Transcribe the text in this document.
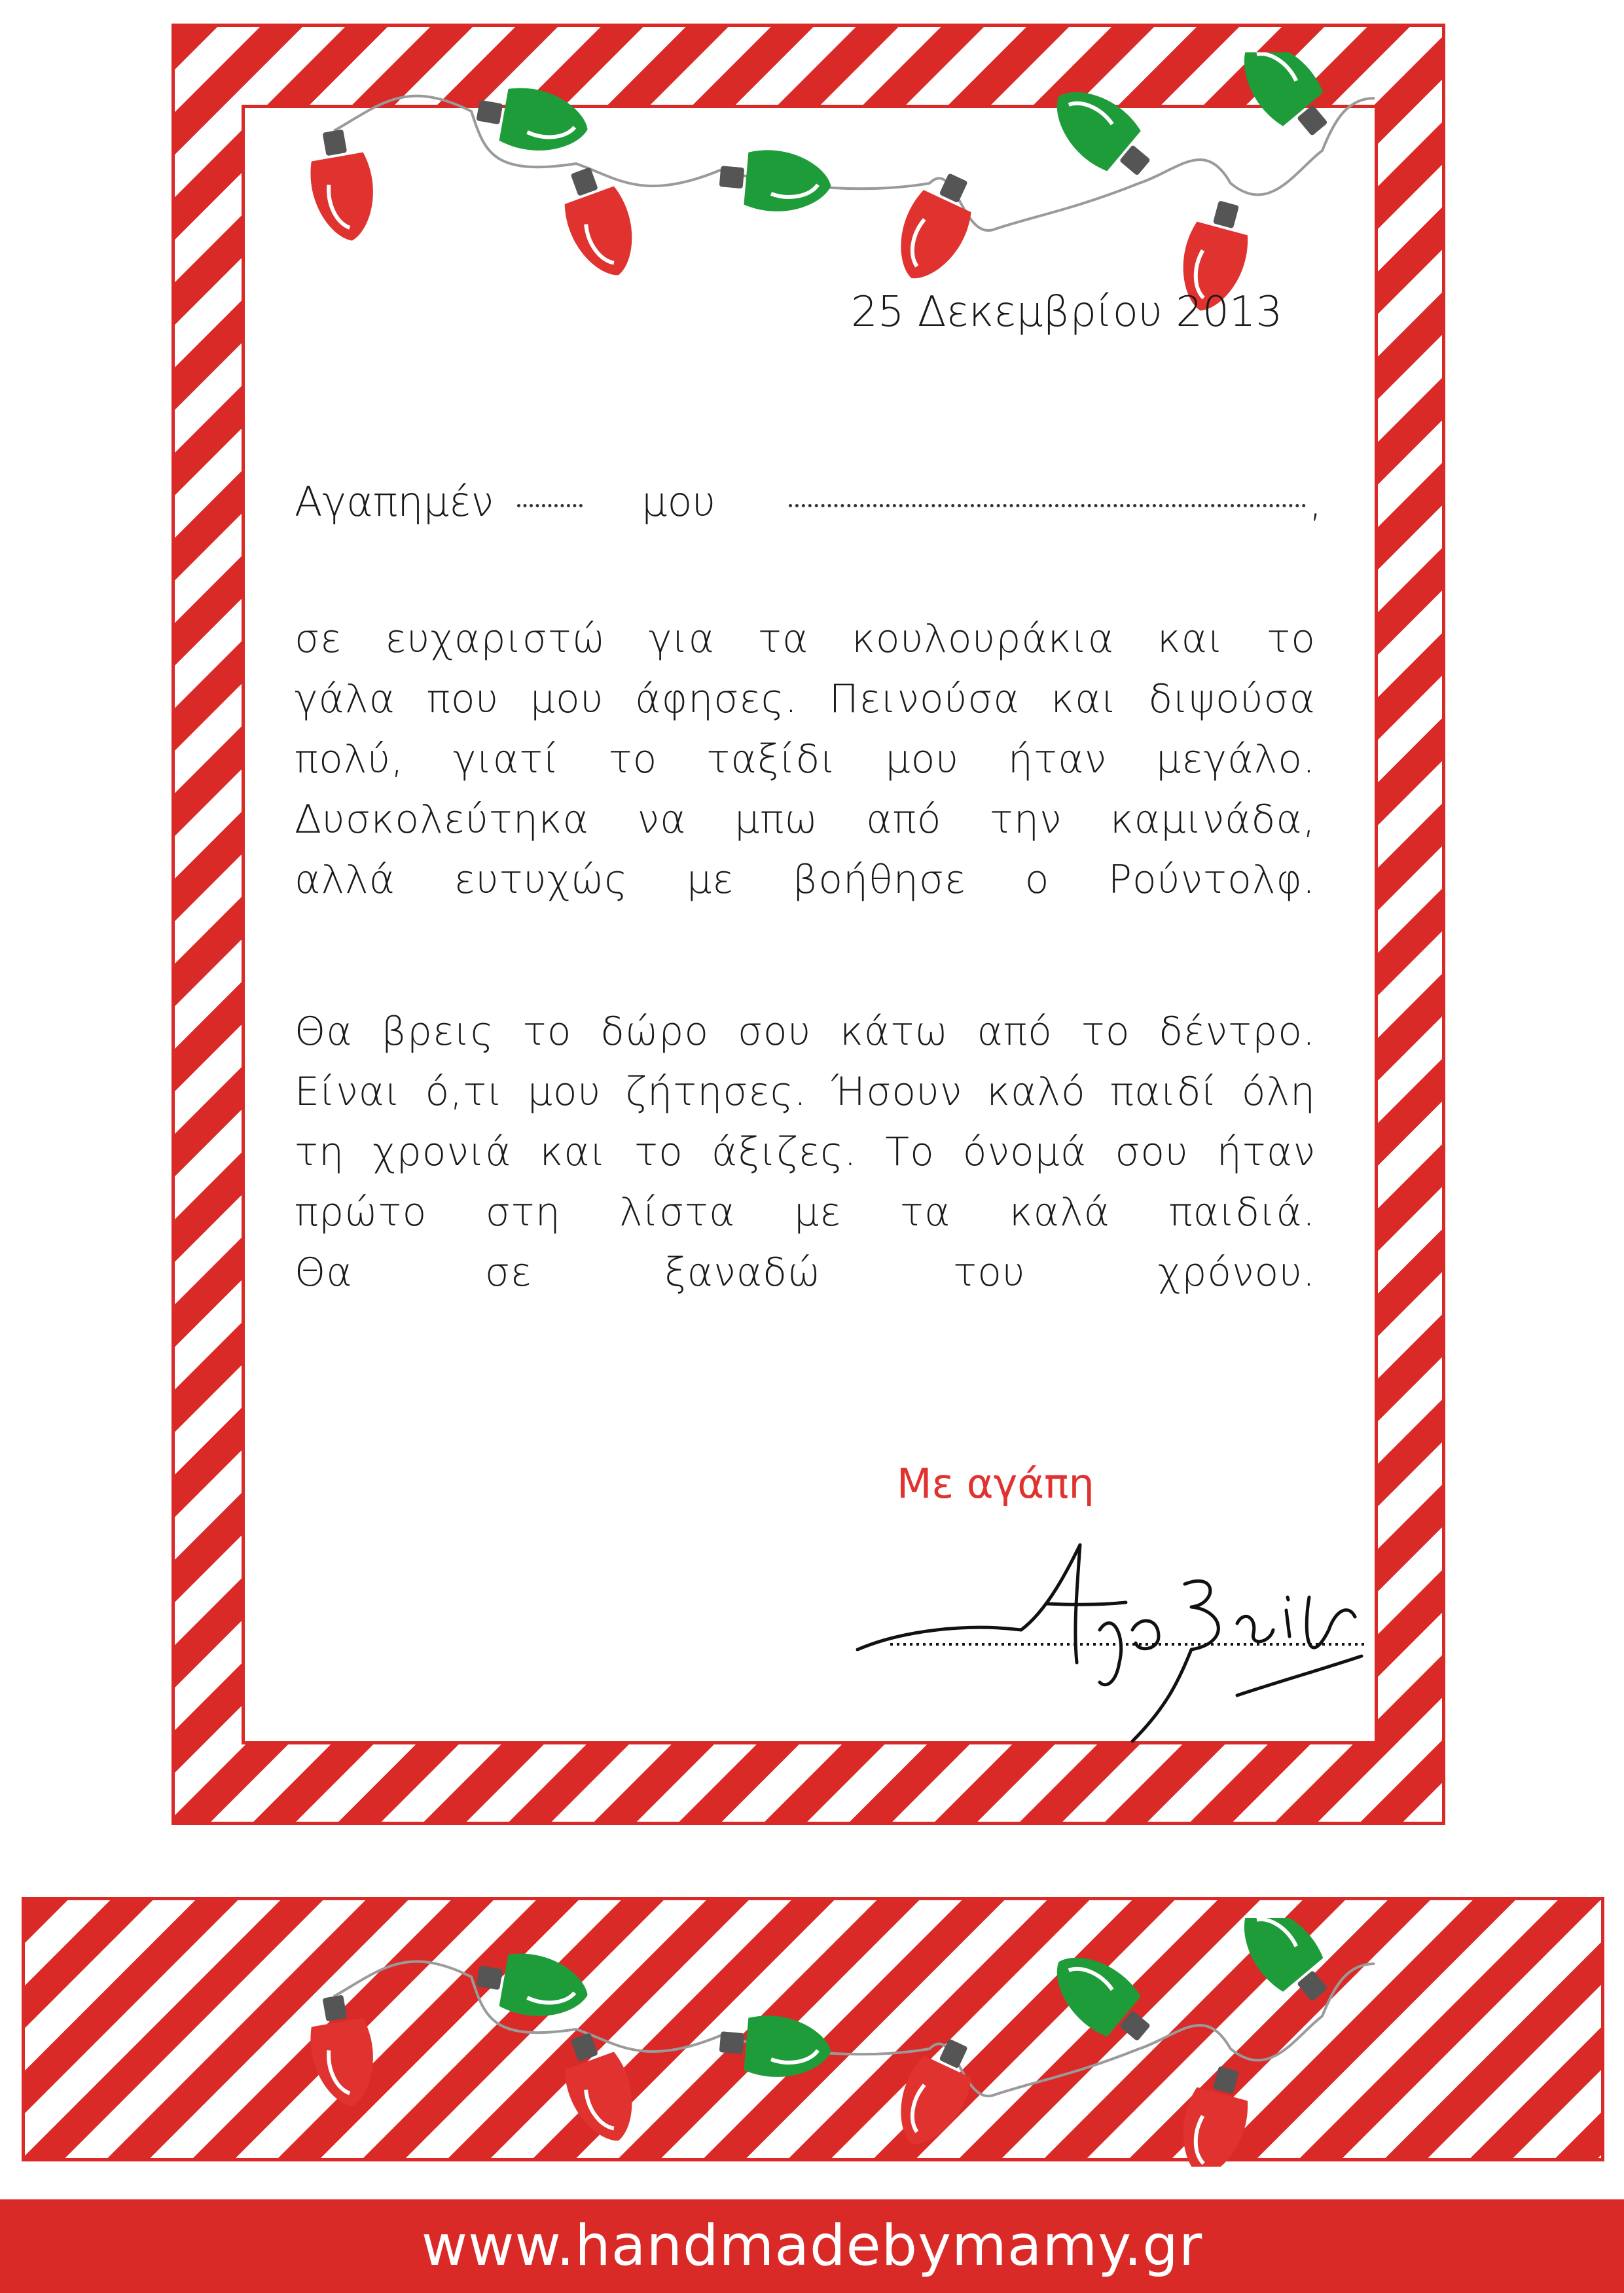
25 Δεκεμβρίου 2013
Αγαπημέν	μου	,
σε ευχαριστώ για τα κουλουράκια και το
γάλα που μου άφησες. Πεινούσα και διψούσα
πολύ, γιατί το ταξίδι μου ήταν μεγάλο.
Δυσκολεύτηκα να μπω από την καμινάδα,
αλλά ευτυχώς με βοήθησε ο Ρούντολφ.
Θα βρεις το δώρο σου κάτω από το δέντρο.
Είναι ό,τι μου ζήτησες. Ήσουν καλό παιδί όλη
τη χρονιά και το άξιζες. Το όνομά σου ήταν
πρώτο στη λίστα με τα καλά παιδιά.
Θα σε ξαναδώ του χρόνου.
Με αγάπη
www.handmadebymamy.gr
